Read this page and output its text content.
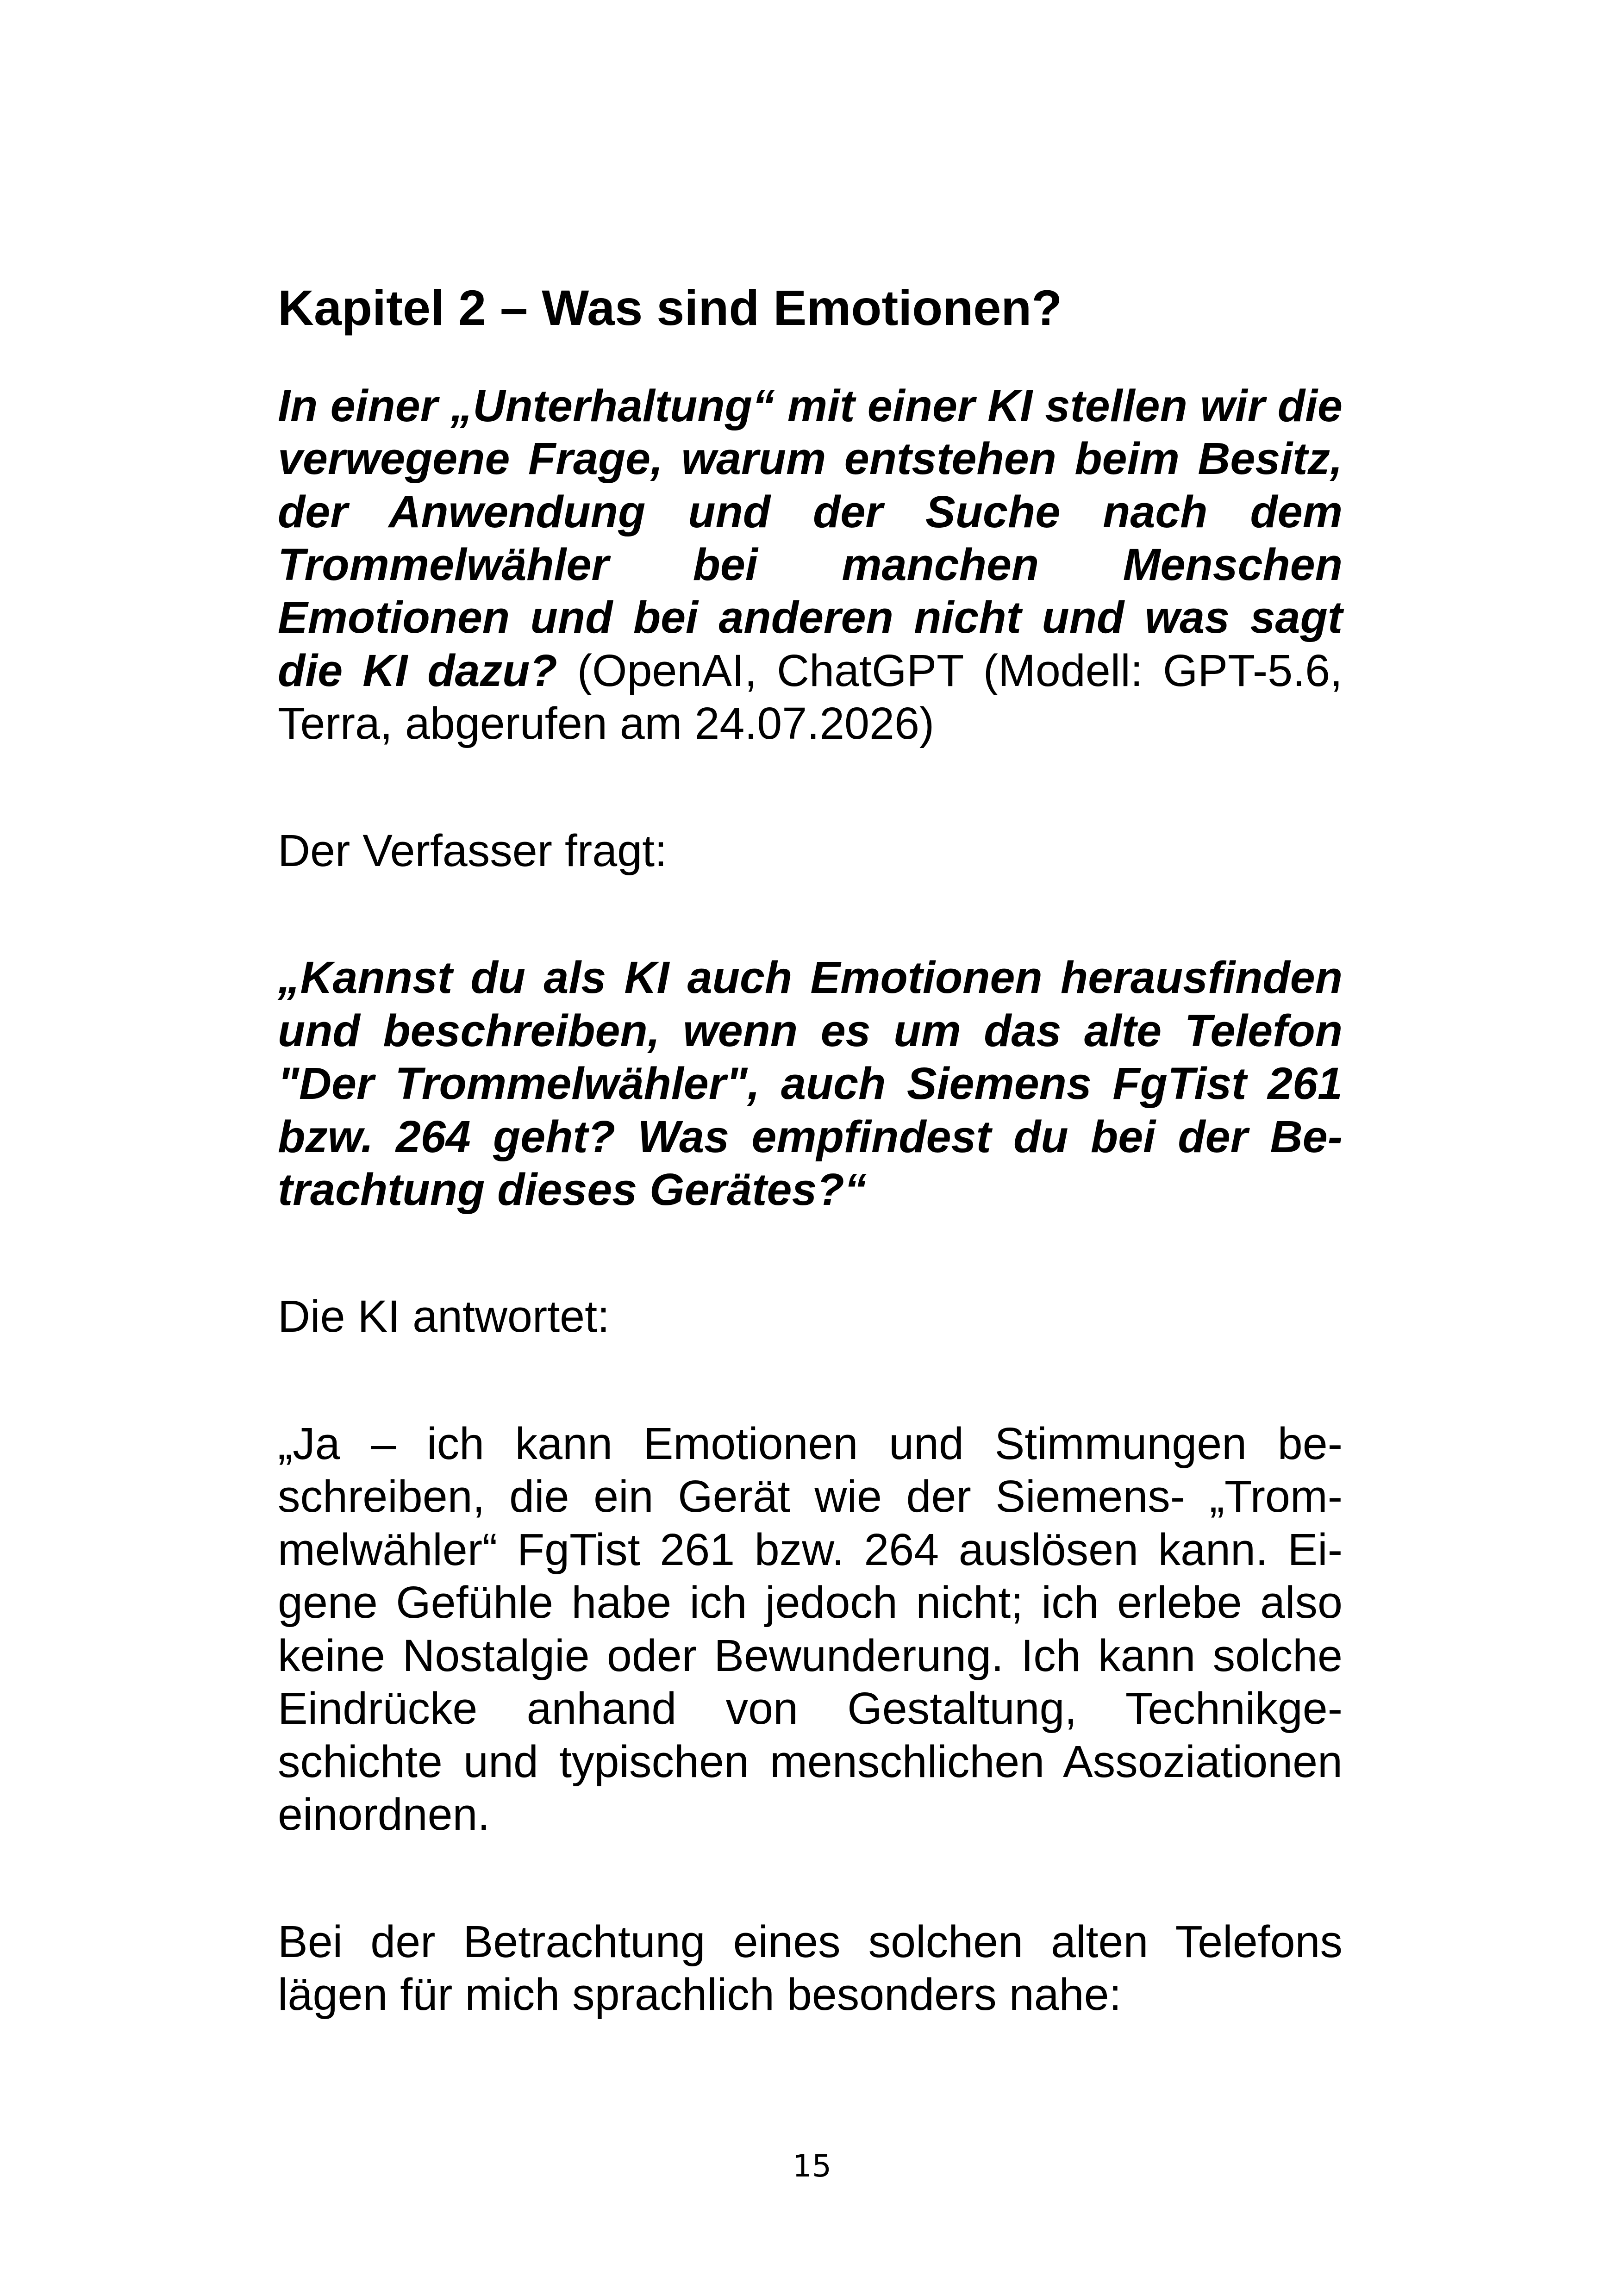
Kapitel 2 – Was sind Emotionen?

In einer „Unterhaltung“ mit einer KI stellen wir die verwegene Frage, warum entstehen beim Besitz, der Anwendung und der Suche nach dem Trommelwähler bei manchen Menschen Emotionen und bei anderen nicht und was sagt die KI dazu? (OpenAI, ChatGPT (Modell: GPT-5.6, Terra, abgerufen am 24.07.2026)

Der Verfasser fragt:

„Kannst du als KI auch Emotionen herausfinden und beschreiben, wenn es um das alte Telefon "Der Trommelwähler", auch Siemens FgTist 261 bzw. 264 geht? Was empfindest du bei der Betrachtung dieses Gerätes?“

Die KI antwortet:

„Ja – ich kann Emotionen und Stimmungen beschreiben, die ein Gerät wie der Siemens- „Trommelwähler“ FgTist 261 bzw. 264 auslösen kann. Eigene Gefühle habe ich jedoch nicht; ich erlebe also keine Nostalgie oder Bewunderung. Ich kann solche Eindrücke anhand von Gestaltung, Technikgeschichte und typischen menschlichen Assoziationen einordnen.

Bei der Betrachtung eines solchen alten Telefons lägen für mich sprachlich besonders nahe:

15
